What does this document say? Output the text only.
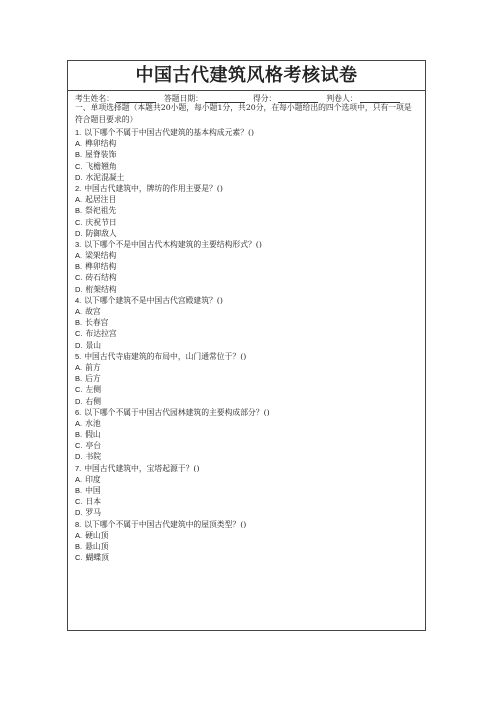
中国古代建筑风格考核试卷
考生姓名：	答题日期：	得分：	判卷人：
一、单项选择题（本题共20小题，每小题1分，共20分，在每小题给出的四个选项中，只有一项是符合题目要求的）
1. 以下哪个不属于中国古代建筑的基本构成元素？()
A. 榫卯结构
B. 屋脊装饰
C. 飞檐翘角
D. 水泥混凝土
2. 中国古代建筑中，牌坊的作用主要是？()
A. 起居注目
B. 祭祀祖先
C. 庆祝节日
D. 防御敌人
3. 以下哪个不是中国古代木构建筑的主要结构形式？()
A. 梁架结构
B. 榫卯结构
C. 砖石结构
D. 桁架结构
4. 以下哪个建筑不是中国古代宫殿建筑？()
A. 故宫
B. 长春宫
C. 布达拉宫
D. 景山
5. 中国古代寺庙建筑的布局中，山门通常位于？()
A. 前方
B. 后方
C. 左侧
D. 右侧
6. 以下哪个不属于中国古代园林建筑的主要构成部分？()
A. 水池
B. 假山
C. 亭台
D. 书院
7. 中国古代建筑中，宝塔起源于？()
A. 印度
B. 中国
C. 日本
D. 罗马
8. 以下哪个不属于中国古代建筑中的屋顶类型？()
A. 硬山顶
B. 悬山顶
C. 蝴蝶顶
